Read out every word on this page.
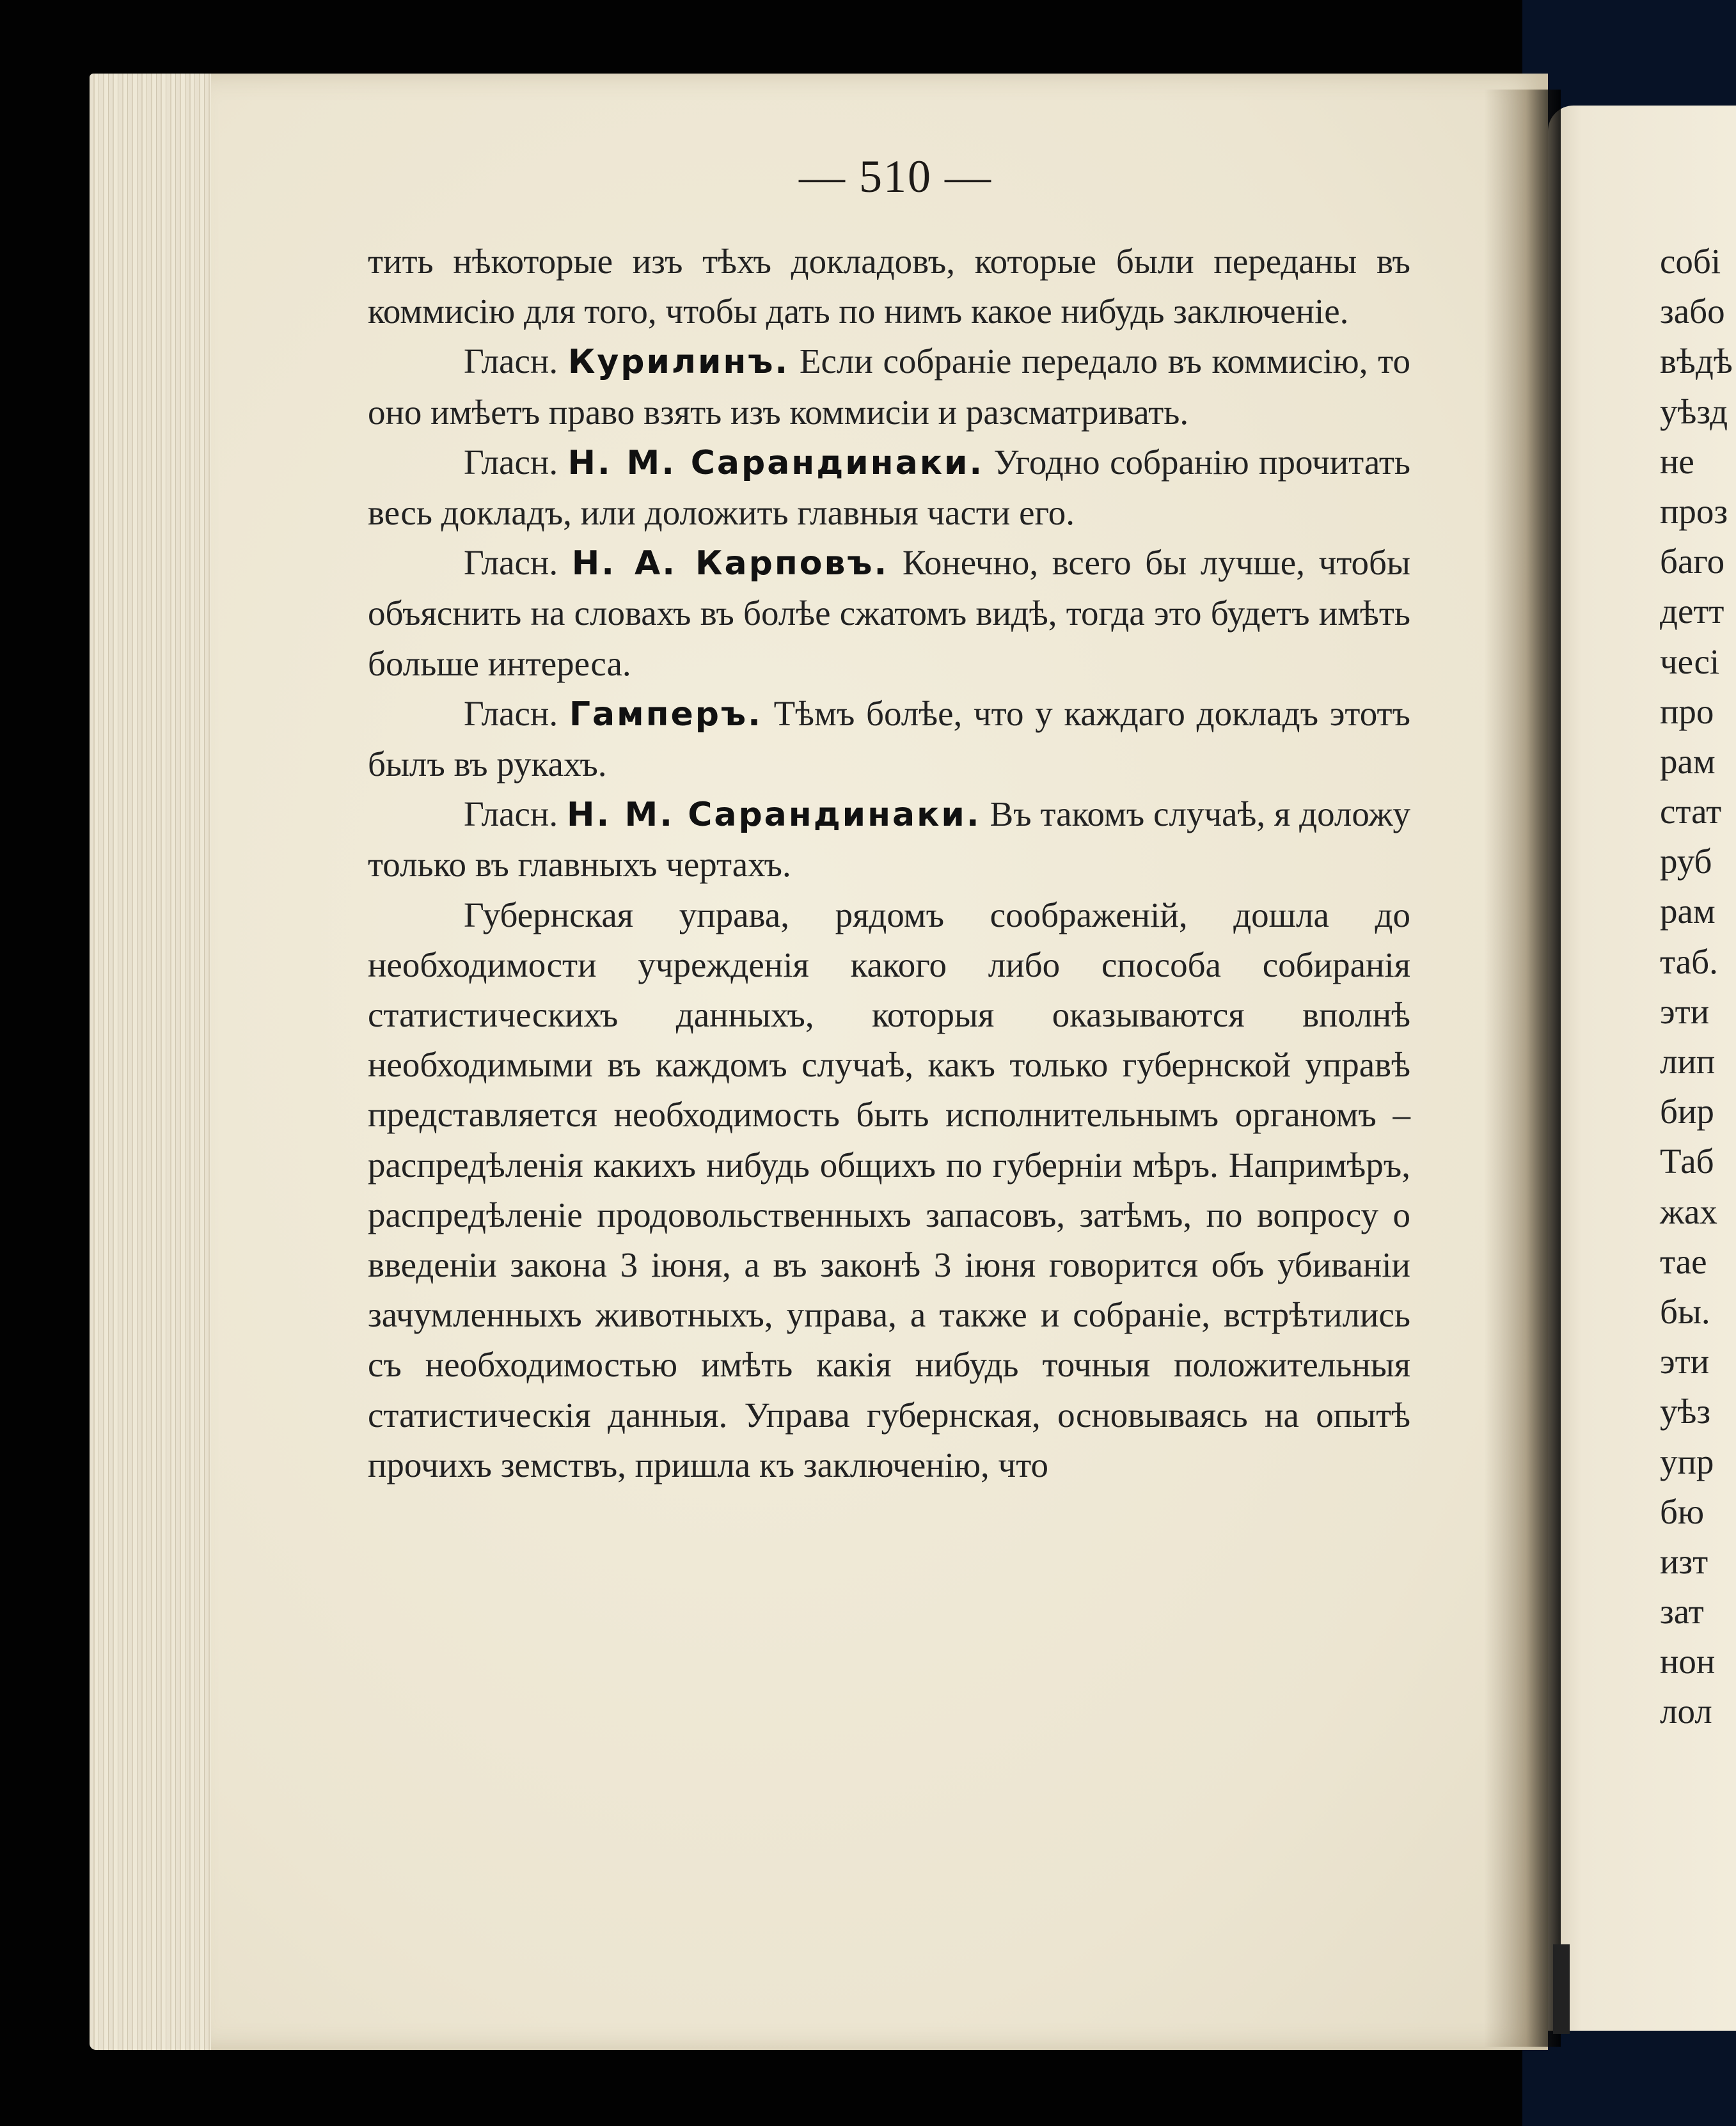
— 510 —

тить нѣкоторые изъ тѣхъ докладовъ, которые были переданы въ коммисію для того, чтобы дать по нимъ какое нибудь заключеніе.

Гласн. Курилинъ. Если собраніе передало въ коммисію, то оно имѣетъ право взять изъ коммисіи и разсматривать.

Гласн. Н. М. Сарандинаки. Угодно собранію прочитать весь докладъ, или доложить главныя части его.

Гласн. Н. А. Карповъ. Конечно, всего бы лучше, чтобы объяснить на словахъ въ болѣе сжатомъ видѣ, тогда это будетъ имѣть больше интереса.

Гласн. Гамперъ. Тѣмъ болѣе, что у каждаго докладъ этотъ былъ въ рукахъ.

Гласн. Н. М. Сарандинаки. Въ такомъ случаѣ, я доложу только въ главныхъ чертахъ.

Губернская управа, рядомъ соображеній, дошла до необходимости учрежденія какого либо способа собиранія статистическихъ данныхъ, которыя оказываются вполнѣ необходимыми въ каждомъ случаѣ, какъ только губернской управѣ представляется необходимость быть исполнительнымъ органомъ – распредѣленія какихъ нибудь общихъ по губерніи мѣръ. Напримѣръ, распредѣленіе продовольственныхъ запасовъ, затѣмъ, по вопросу о введеніи закона 3 іюня, а въ законѣ 3 іюня говорится объ убиваніи зачумленныхъ животныхъ, управа, а также и собраніе, встрѣтились съ необходимостью имѣть какія нибудь точныя положительныя статистическія данныя. Управа губернская, основываясь на опытѣ прочихъ земствъ, пришла къ заключенію, что

собі
забо
вѣдѣ
уѣзд
не
проз
баго
детт
чесі
про
рам
стат
руб
рам
таб.
эти
лип
бир
Таб
жах
тае
бы.
эти
уѣз
упр
бю
изт
зат
нон
лол
